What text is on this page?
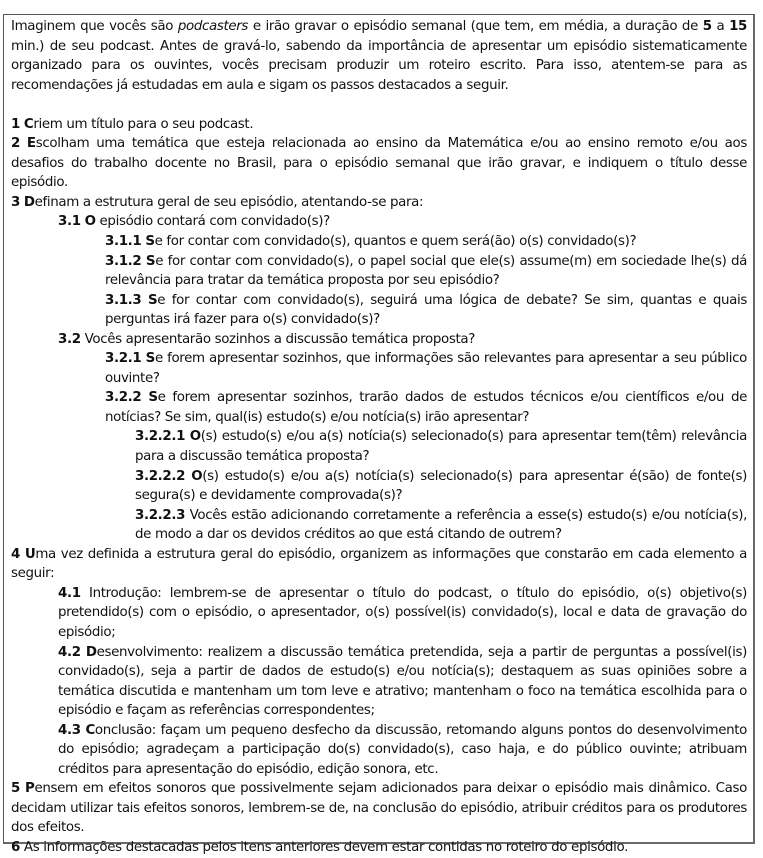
Imaginem que vocês são podcasters e irão gravar o episódio semanal (que tem, em média, a duração de 5 a 15 min.) de seu podcast. Antes de gravá-lo, sabendo da importância de apresentar um episódio sistematicamente organizado para os ouvintes, vocês precisam produzir um roteiro escrito. Para isso, atentem-se para as recomendações já estudadas em aula e sigam os passos destacados a seguir.

1 Criem um título para o seu podcast.

2 Escolham uma temática que esteja relacionada ao ensino da Matemática e/ou ao ensino remoto e/ou aos desafios do trabalho docente no Brasil, para o episódio semanal que irão gravar, e indiquem o título desse episódio.

3 Definam a estrutura geral de seu episódio, atentando-se para:

3.1 O episódio contará com convidado(s)?

3.1.1 Se for contar com convidado(s), quantos e quem será(ão) o(s) convidado(s)?

3.1.2 Se for contar com convidado(s), o papel social que ele(s) assume(m) em sociedade lhe(s) dá relevância para tratar da temática proposta por seu episódio?

3.1.3 Se for contar com convidado(s), seguirá uma lógica de debate? Se sim, quantas e quais perguntas irá fazer para o(s) convidado(s)?

3.2 Vocês apresentarão sozinhos a discussão temática proposta?

3.2.1 Se forem apresentar sozinhos, que informações são relevantes para apresentar a seu público ouvinte?

3.2.2 Se forem apresentar sozinhos, trarão dados de estudos técnicos e/ou científicos e/ou de notícias? Se sim, qual(is) estudo(s) e/ou notícia(s) irão apresentar?

3.2.2.1 O(s) estudo(s) e/ou a(s) notícia(s) selecionado(s) para apresentar tem(têm) relevância para a discussão temática proposta?

3.2.2.2 O(s) estudo(s) e/ou a(s) notícia(s) selecionado(s) para apresentar é(são) de fonte(s) segura(s) e devidamente comprovada(s)?

3.2.2.3 Vocês estão adicionando corretamente a referência a esse(s) estudo(s) e/ou notícia(s), de modo a dar os devidos créditos ao que está citando de outrem?

4 Uma vez definida a estrutura geral do episódio, organizem as informações que constarão em cada elemento a seguir:

4.1 Introdução: lembrem-se de apresentar o título do podcast, o título do episódio, o(s) objetivo(s) pretendido(s) com o episódio, o apresentador, o(s) possível(is) convidado(s), local e data de gravação do episódio;

4.2 Desenvolvimento: realizem a discussão temática pretendida, seja a partir de perguntas a possível(is) convidado(s), seja a partir de dados de estudo(s) e/ou notícia(s); destaquem as suas opiniões sobre a temática discutida e mantenham um tom leve e atrativo; mantenham o foco na temática escolhida para o episódio e façam as referências correspondentes;

4.3 Conclusão: façam um pequeno desfecho da discussão, retomando alguns pontos do desenvolvimento do episódio; agradeçam a participação do(s) convidado(s), caso haja, e do público ouvinte; atribuam créditos para apresentação do episódio, edição sonora, etc.

5 Pensem em efeitos sonoros que possivelmente sejam adicionados para deixar o episódio mais dinâmico. Caso decidam utilizar tais efeitos sonoros, lembrem-se de, na conclusão do episódio, atribuir créditos para os produtores dos efeitos.

6 As informações destacadas pelos itens anteriores devem estar contidas no roteiro do episódio.
